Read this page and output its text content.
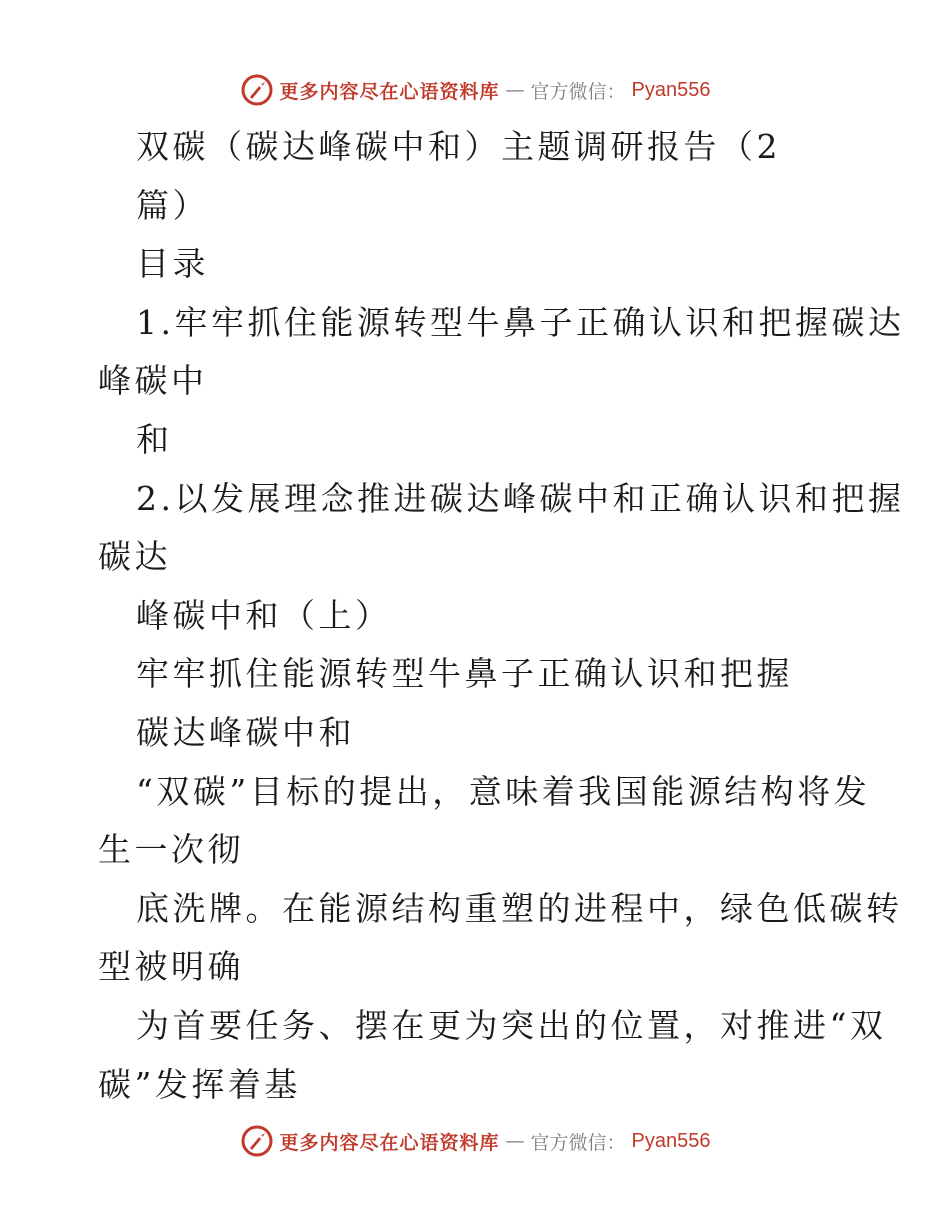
更多内容尽在心语资料库 — 官方微信： Pyan556
双碳（碳达峰碳中和）主题调研报告（2
篇）
目录
1.牢牢抓住能源转型牛鼻子正确认识和把握碳达
峰碳中
和
2.以发展理念推进碳达峰碳中和正确认识和把握
碳达
峰碳中和（上）
牢牢抓住能源转型牛鼻子正确认识和把握
碳达峰碳中和
“双碳”目标的提出，意味着我国能源结构将发
生一次彻
底洗牌。在能源结构重塑的进程中，绿色低碳转
型被明确
为首要任务、摆在更为突出的位置，对推进“双
碳”发挥着基
更多内容尽在心语资料库 — 官方微信： Pyan556
